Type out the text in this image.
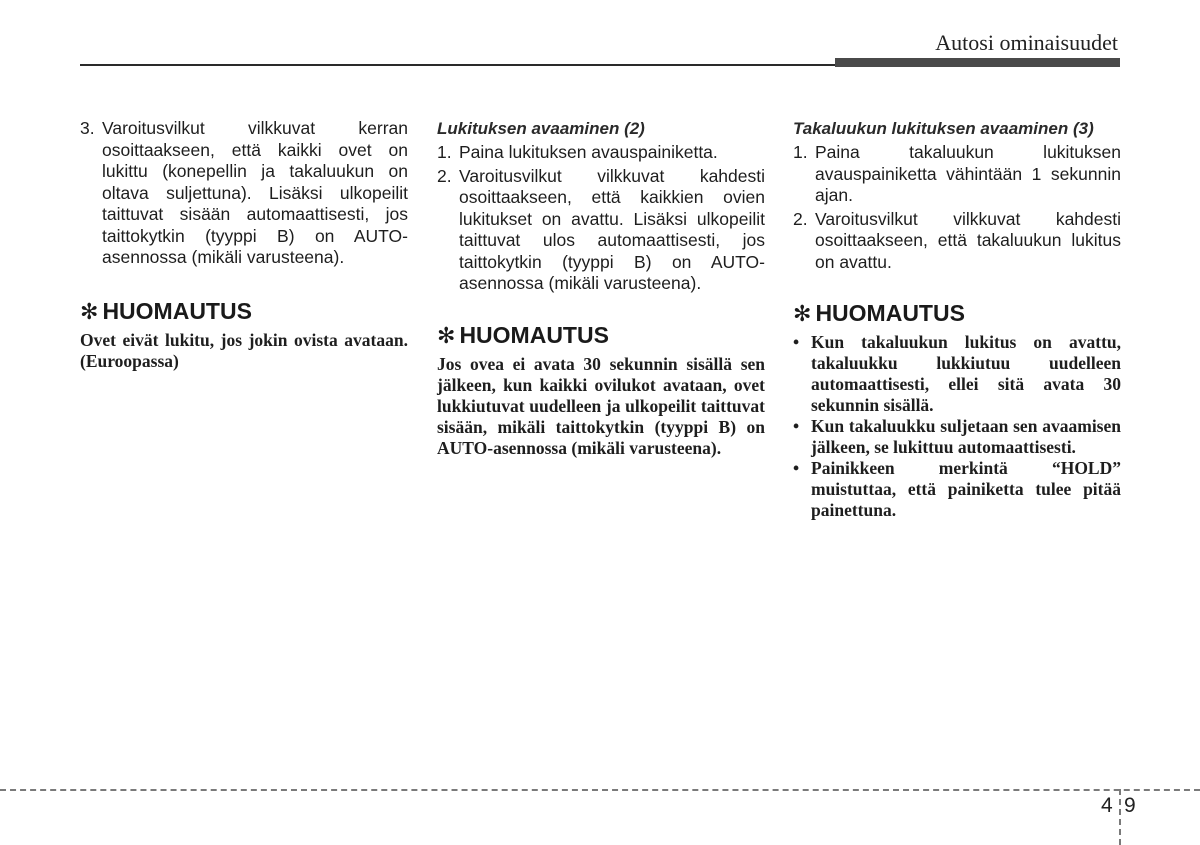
Autosi ominaisuudet
3. Varoitusvilkut vilkkuvat kerran osoittaakseen, että kaikki ovet on lukittu (konepellin ja takaluukun on oltava suljettuna). Lisäksi ulkopeilit taittuvat sisään automaattisesti, jos taittokytkin (tyyppi B) on AUTO-asennossa (mikäli varusteena).
✻ HUOMAUTUS

Ovet eivät lukitu, jos jokin ovista avataan. (Euroopassa)

Lukituksen avaaminen (2)
1. Paina lukituksen avauspainiketta.
2. Varoitusvilkut vilkkuvat kahdesti osoittaakseen, että kaikkien ovien lukitukset on avattu. Lisäksi ulkopeilit taittuvat ulos automaattisesti, jos taittokytkin (tyyppi B) on AUTO-asennossa (mikäli varusteena).
✻ HUOMAUTUS

Jos ovea ei avata 30 sekunnin sisällä sen jälkeen, kun kaikki ovilukot avataan, ovet lukkiutuvat uudelleen ja ulkopeilit taittuvat sisään, mikäli taittokytkin (tyyppi B) on AUTO-asennossa (mikäli varusteena).

Takaluukun lukituksen avaaminen (3)
1. Paina takaluukun lukituksen avauspainiketta vähintään 1 sekunnin ajan.
2. Varoitusvilkut vilkkuvat kahdesti osoittaakseen, että takaluukun lukitus on avattu.
✻ HUOMAUTUS
• Kun takaluukun lukitus on avattu, takaluukku lukkiutuu uudelleen automaattisesti, ellei sitä avata 30 sekunnin sisällä.
• Kun takaluukku suljetaan sen avaamisen jälkeen, se lukittuu automaattisesti.
• Painikkeen merkintä “HOLD” muistuttaa, että painiketta tulee pitää painettuna.
4 9
